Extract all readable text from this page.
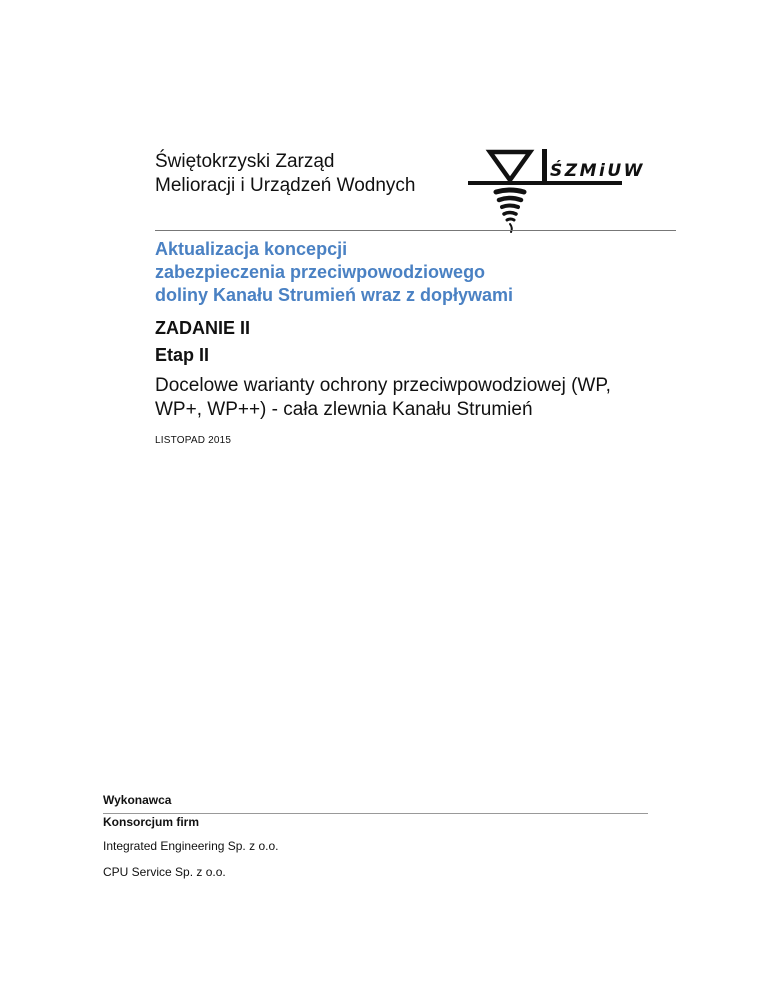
Świętokrzyski Zarząd
Melioracji i Urządzeń Wodnych
ŚZMiUW
Aktualizacja koncepcji
zabezpieczenia przeciwpowodziowego
doliny Kanału Strumień wraz z dopływami
ZADANIE II
Etap II

Docelowe warianty ochrony przeciwpowodziowej (WP,
WP+, WP++) - cała zlewnia Kanału Strumień

LISTOPAD 2015
Wykonawca
Konsorcjum firm
Integrated Engineering Sp. z o.o.
CPU Service Sp. z o.o.
